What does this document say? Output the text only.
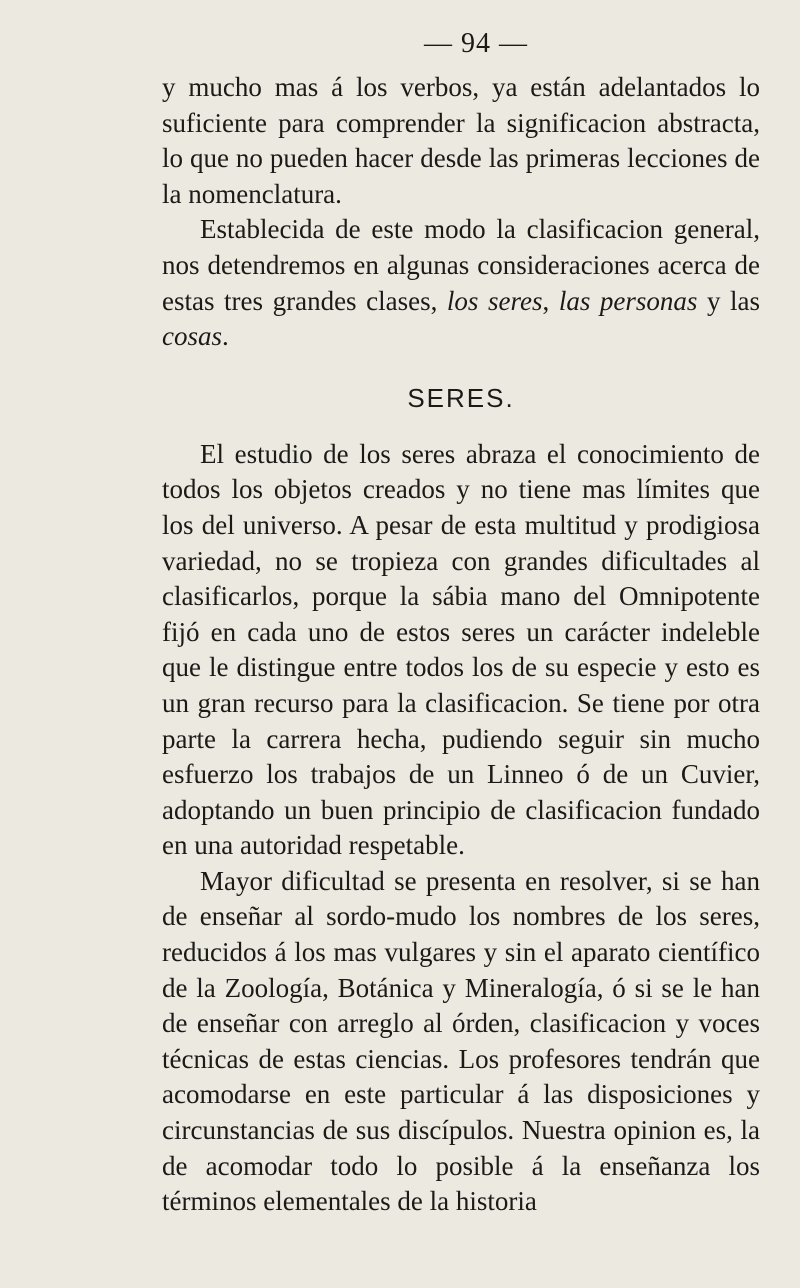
— 94 —

y mucho mas á los verbos, ya están adelantados lo suficiente para comprender la significacion abstracta, lo que no pueden hacer desde las primeras lecciones de la nomenclatura.

Establecida de este modo la clasificacion general, nos detendremos en algunas consideraciones acerca de estas tres grandes clases, los seres, las personas y las cosas.

SERES.

El estudio de los seres abraza el conocimiento de todos los objetos creados y no tiene mas límites que los del universo. A pesar de esta multitud y prodigiosa variedad, no se tropieza con grandes dificultades al clasificarlos, porque la sábia mano del Omnipotente fijó en cada uno de estos seres un carácter indeleble que le distingue entre todos los de su especie y esto es un gran recurso para la clasificacion. Se tiene por otra parte la carrera hecha, pudiendo seguir sin mucho esfuerzo los trabajos de un Linneo ó de un Cuvier, adoptando un buen principio de clasificacion fundado en una autoridad respetable.

Mayor dificultad se presenta en resolver, si se han de enseñar al sordo-mudo los nombres de los seres, reducidos á los mas vulgares y sin el aparato científico de la Zoología, Botánica y Mineralogía, ó si se le han de enseñar con arreglo al órden, clasificacion y voces técnicas de estas ciencias. Los profesores tendrán que acomodarse en este particular á las disposiciones y circunstancias de sus discípulos. Nuestra opinion es, la de acomodar todo lo posible á la enseñanza los términos elementales de la historia
